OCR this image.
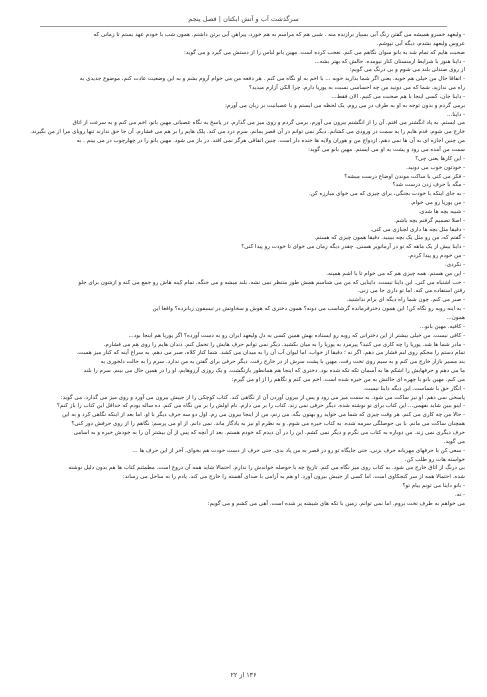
سرگذشت آب و آتش ایکتان | فصل پنجم
- ولیعهد خسرو همیشه می گفتن رنگ آبی بسیار برازنده منه . شبی هم که مراسم به هم خورد، پیراهن آبی برتن داشتم. همون شب با خودم عهد بستم تا زمانی که
عروس ولیعهد نشدم، دیگه آبی نپوشم.
صحبت هایم که تمام شد به بانو سوان نگاهم می کنم. تعجب کرده است. مهین بانو لباس را از دستش می گیرد و می گوید:
- داینا هنوز با شرایط ارمنستان کنار نیومده. حالش که بهتر بشه...
از روی صندلی بلند می شوم و بی درنگ می گویم:
- اتفاقا حال من خیلی هم خوبه. یعنی اگر شما بذارید خوبه ... با اخم به او نگاه می کنم . هر دفعه من می خوام آروم بشم و به این وضعیت عادت کنم، موضوع جدیدی به
راه می ندازید. شما که می دونید من چه احساسی نسبت به پوریا دارم. چرا الکی آزارم میدید؟
- داینا جان، کسی اینجا با هم صحبت می کنیم. الان فقط...
برمی گردم و بدون توجه به او به طرف در می روم. یک لحظه می ایستم و با عصبانیت بر زبان می آورم:
- داینا...
می ایستم. به یاد انگشتر می افتم. آن را از انگشتم بیرون می آورم. برمی گردم و روی میز می گذارم. در پاسخ به نگاه عصبانی مهین بانو، اخم می کنم و به سرعت از اتاق
خارج می شوم. قدم هایم را به سمت در ورودی می کشانم. دیگر نمی توانم در آن قصر بمانم. سرم درد می کند. پلک هایم را بر هم می فشارم. آن جا حق ندارند تنها رویای مرا از من بگیرند.
من چنین اجازه ای به آن ها نمی دهم. ازدواج من و هوران ولایه ها خنده دار است. چنین اتفاقی هرگز نمی افتد. در باز می شود. مهین بانو را در چهارچوب در می بینم . به
سمت من آمده می رود و پشت به او می ایستم. مهین بانو می گوید:
- این کارها یعنی چی؟
- خودتون خوب می دونید.
- فکر می کنی با ساکت موندن اوضاع درست میشه؟
- مگه با حرف زدن درست شد؟
- به جای اینکه با خودت بجنگی، برای چیزی که می خوای مبارزه کن.
- من پوریا رو می خوام.
- شبیه بچه ها شدی.
- اصلا تصمیم گرفتم بچه باشم.
- دقیقا مثل بچه ها داری لجبازی می کنی.
- گفتم که، من رو مثل یک بچه ببینید. دقیقا همون چیزی که هستم.
- داینا بیش از یک ماهه که تو در آرمانویر هستی. چقدر دیگه زمان می خوای تا خودت رو پیدا کنی؟
- من خودم رو پیدا کردم.
- نکردی.
- این من هستم. همه چیزی هم که می خوام تا با اشم همینه.
- خب اشتباه می کنی. این داینا نیست. داینایی که من می شناسم همش طور منتظر نمی نشه. بلند میشه و می جنگه. تمام کینه هاش رو جمع می کنه و ازشون برای جلو
رفتن استفاده می کنه. اما تو داری جا می زنی.
- صبر می کنم. چون شما راه دیگه ای برام نذاشتید.
- به اینه روبه رو نگاه کن! این همون دخترفرمانده گرشاسب می دونه؟ همون دختری که هوش و سخاوتش در تیسفون زبانزده؟ واقعا این
همون...
- کافیه. مهین بانو...
- کافی نیست. من خیلی بیشتر از این دخترانی که روبه رو ایستاده بهش همین کسی به دل ولیعهد ایران رو به دست آورده؟ اگر پوریا هم اینجا بود...
- مادر شما ها شد. پوریا را چه کاری می کنید؟ پیرمرد به پوریا را به میان بکشید. دیگر نمی توانم حرف هایش را تحمل کنم. دندان هایم را روی هم می فشارم.
تمام دستم را محکم روی لبم فشار می دهم. اگر نه ؛ دقیقا از خواب، اما لیوان آب آن را به میدان می کشد. شما کنار کلاه، صبر می دهم. به سراغ آینه که کنار میز هست.
بند مسیر بازار خارج می کنم و به سیم روی تخت رفت. مهین با پشت سرش از در خارج رفت. دیگر حرفی برای گفتن به من ندارد. سرم را به حالت دلخوری به
ما می دهم و حرفهایش را اشکم ها به آسمان تکه تکه شده بود. دختری که اینجا هم همانطور بازنگشت. و یک روزی آرزوهایم، او را در همین حال می بینم. سرم را بلند
می کنم. مهین بانو با چهره ای حالتش به من خیره شده است. اخم می کنم و نگاهم را از او می گیرم:
- انگار حق با شماست. این دیگه داینا نیست.
پاسخی نمی دهم. او نیز ساکت می شود. به سمت میز می رود و پس از بیرون آوردن آن از نگاهی کند. کتاب کوچکی را از جیبش بیرون می آورد و روی میز می گذارد. می گوید:
- اینو ببین شاید بفهمی... این کتاب برای تو نوشته شده. دیگر حرفی نمی زند. کتاب را بر می دارم. نام اولش را بر من نگاه می کنم. ده ساله بودم که حداقل این کتاب را باز کنم؟
- حالا من چه کاری می کنم. هر وقت چیزی که شما می خواید رو بهتون بگه. می زنم، من از اینجا بیرون می رم. اول دو سه حرف دیگر با او. اما بعد از اینکه نگاهی کرد و به این
همچنان ساکت می مانم. با بی حوصلگی سرمه شده. به کتاب خیره می شوم. و به نظرم او نیز به یادگار ماند. نمی دانم. از او می پرسم: نگاهم را از روی حرفش دور کنی؟
حرف دیگری نمی زند. من دوباره به کتاب می نگرم و دیگر نمی کشم. این را در آن دیدم که خودم هستم. بعد از آنچه که پس از آن بیشتر آن را به خودش خیره و به اسامی
می گوید.
- سعی کن با حرفهای مهربانه حرف بزنی. حتی جایگاه تو رو در قصر به من یاد بدی. حتی حرف از دست خودت هم بخوای. آخر از این حرف ها ...
خواسته هات رو طلب کن.
بی درنگ از اتاق خارج می شود. به کتاب روی میز نگاه می کنم. تاریخ چه با حوصله خواندش را ندارم. احتمالا شاید همه آن دروغ است. مطمئنم کتاب ها هم بدون دلیل نوشته
شده. احتمالا همه از سر کنجکاوی است. اما کسی از جیبش بیرون آورد. او هم به آرامی با صدای آهسته را خارج می کند. یادم را به ساحل می رساند:
- بانو داینا می تونم بیام تو؟
- نه.
می خواهم به طرف تخت بروم. اما نمی توانم. زمین با تکه های شیشه پر شده است. آهی می کشم و می گویم:
۱۳۶ از ۲۲
